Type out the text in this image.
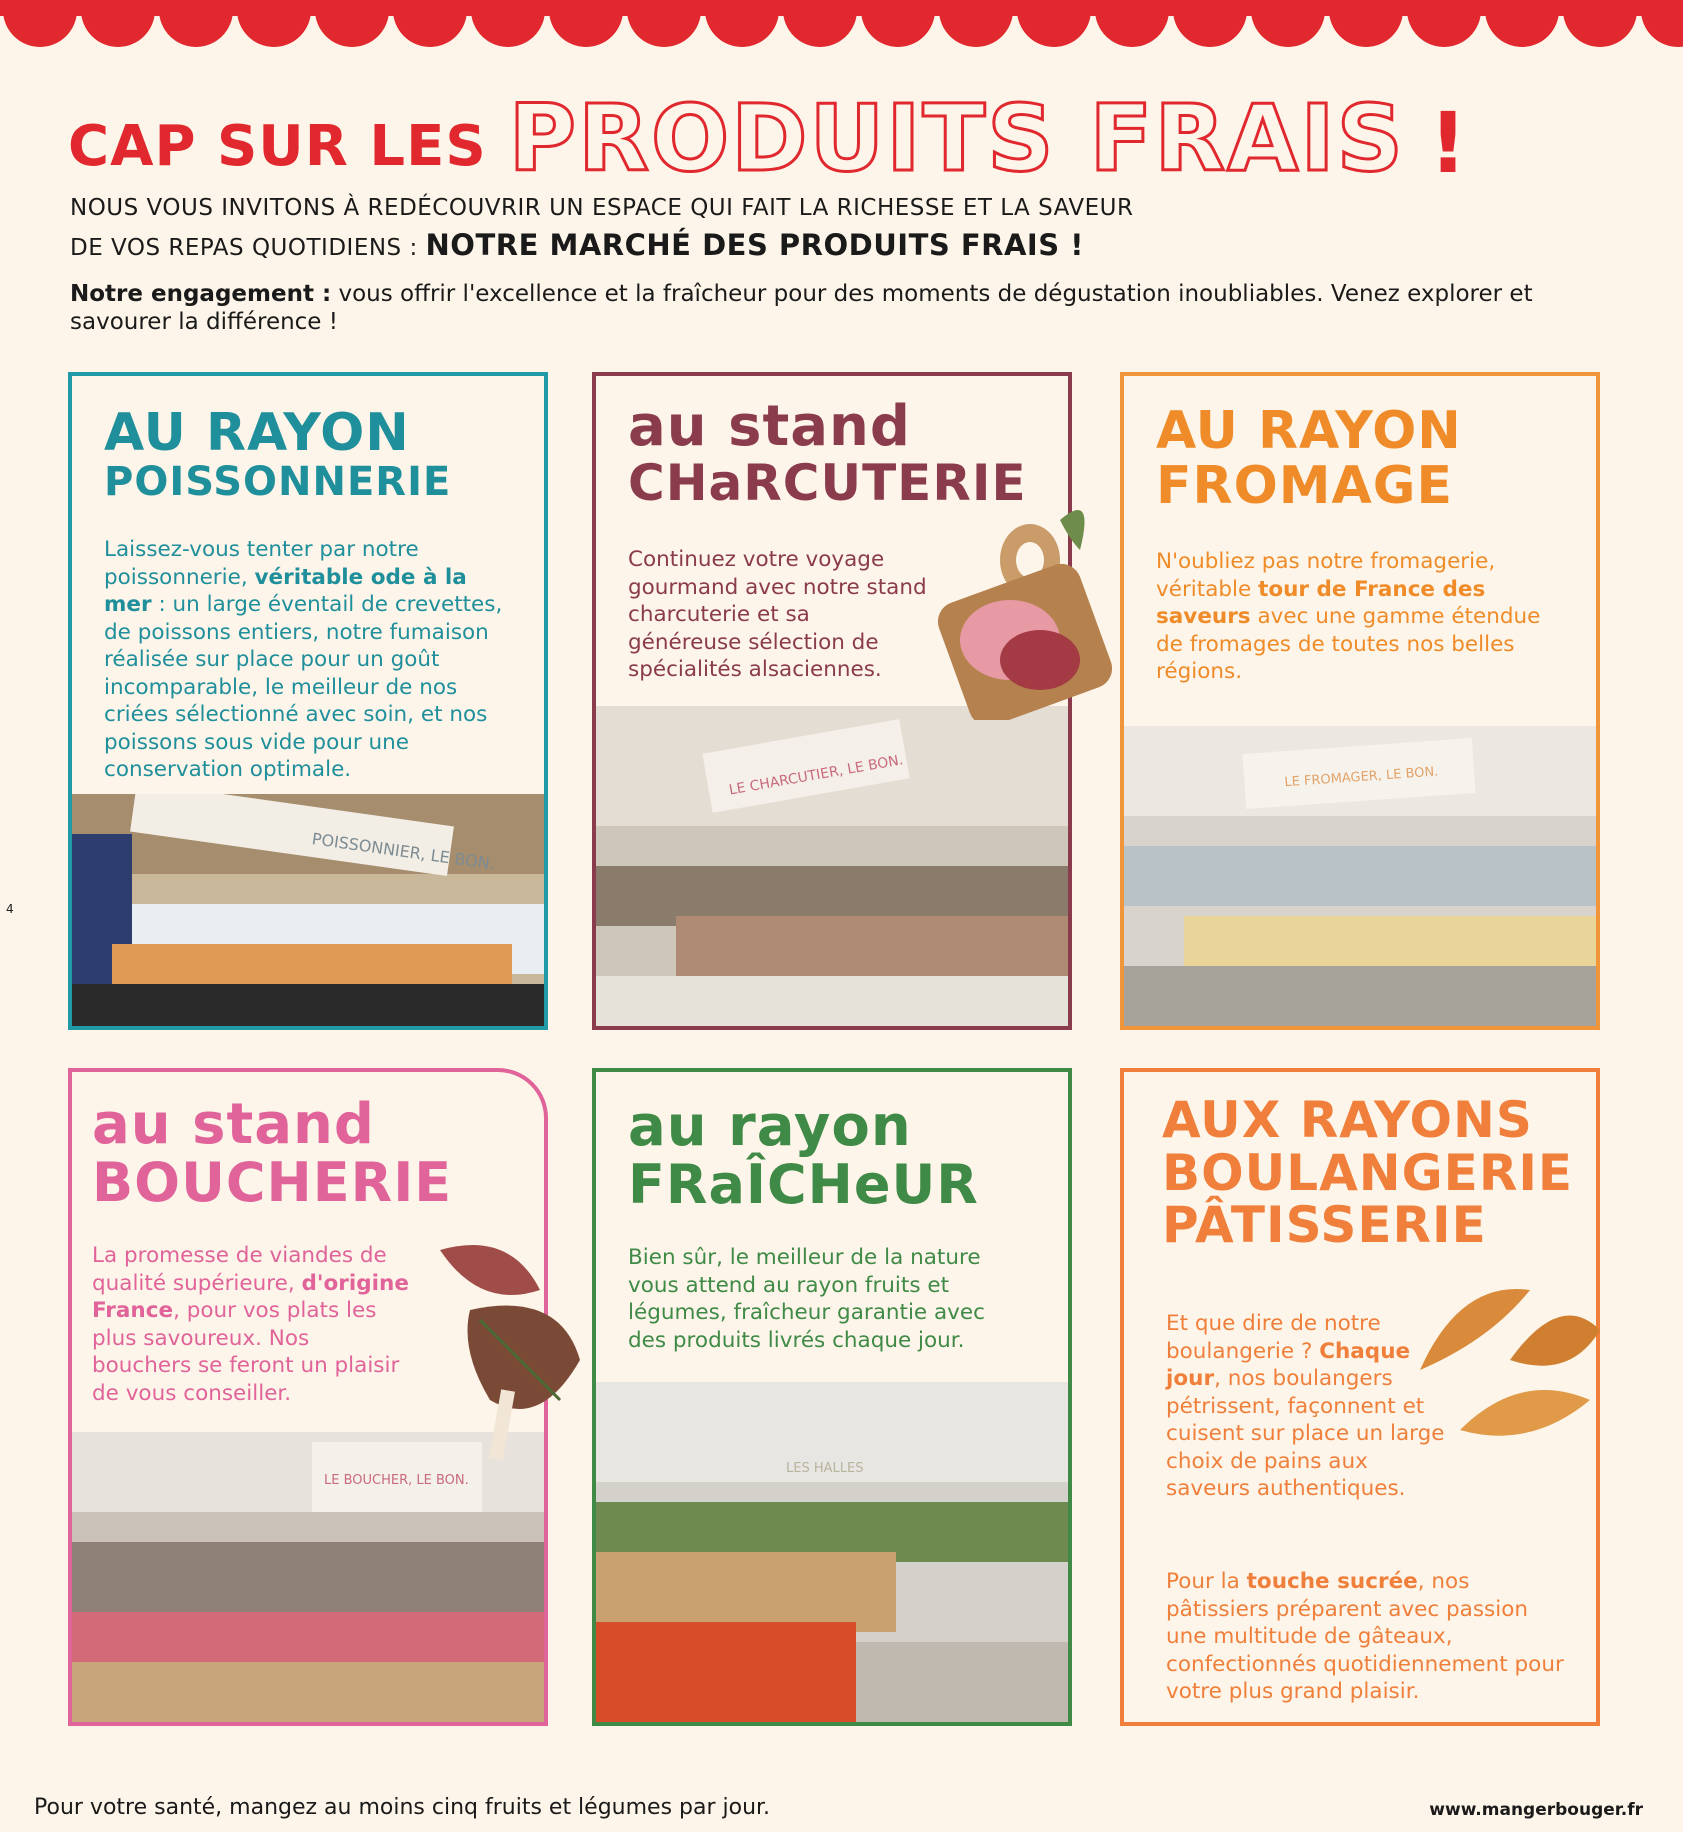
CAP SUR LES PRODUITS FRAIS !
NOUS VOUS INVITONS À REDÉCOUVRIR UN ESPACE QUI FAIT LA RICHESSE ET LA SAVEUR
DE VOS REPAS QUOTIDIENS : NOTRE MARCHÉ DES PRODUITS FRAIS !
Notre engagement : vous offrir l'excellence et la fraîcheur pour des moments de dégustation inoubliables. Venez explorer et savourer la différence !
AU RAYON
POISSONNERIE
Laissez-vous tenter par notre poissonnerie, véritable ode à la mer : un large éventail de crevettes, de poissons entiers, notre fumaison réalisée sur place pour un goût incomparable, le meilleur de nos criées sélectionné avec soin, et nos poissons sous vide pour une conservation optimale.
POISSONNIER, LE BON.
au stand
CHaRCUTERIE
Continuez votre voyage gourmand avec notre stand charcuterie et sa généreuse sélection de spécialités alsaciennes.
LE CHARCUTIER, LE BON.
AU RAYON
FROMAGE
N'oubliez pas notre fromagerie, véritable tour de France des saveurs avec une gamme étendue de fromages de toutes nos belles régions.
LE FROMAGER, LE BON.
au stand
BOUCHERIE
La promesse de viandes de qualité supérieure, d'origine France, pour vos plats les plus savoureux. Nos bouchers se feront un plaisir de vous conseiller.
LE BOUCHER, LE BON.
au rayon
FRaÎCHeUR
Bien sûr, le meilleur de la nature vous attend au rayon fruits et légumes, fraîcheur garantie avec des produits livrés chaque jour.
LES HALLES
AUX RAYONS
BOULANGERIE
PÂTISSERIE
Et que dire de notre boulangerie ? Chaque jour, nos boulangers pétrissent, façonnent et cuisent sur place un large choix de pains aux saveurs authentiques.
Pour la touche sucrée, nos pâtissiers préparent avec passion une multitude de gâteaux, confectionnés quotidiennement pour votre plus grand plaisir.
4
Pour votre santé, mangez au moins cinq fruits et légumes par jour.	www.mangerbouger.fr
